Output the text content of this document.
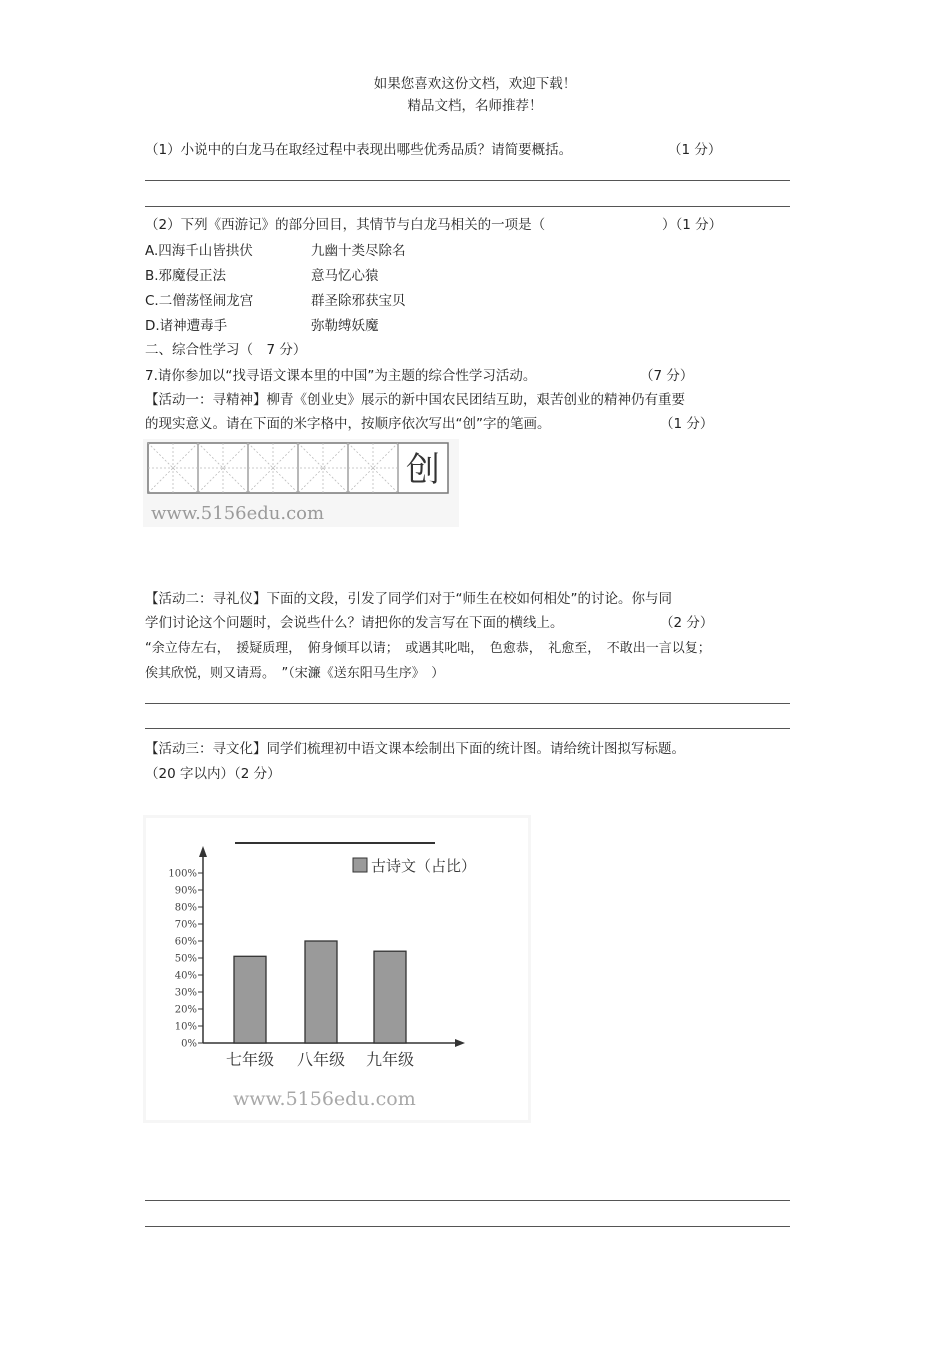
如果您喜欢这份文档，欢迎下载！
精品文档，名师推荐！
（1）小说中的白龙马在取经过程中表现出哪些优秀品质？请简要概括。	（1 分）
（2）下列《西游记》的部分回目，其情节与白龙马相关的一项是（	）（1 分）
A.四海千山皆拱伏	九幽十类尽除名
B.邪魔侵正法	意马忆心猿
C.二僧荡怪闹龙宫	群圣除邪获宝贝
D.诸神遭毒手	弥勒缚妖魔
二、综合性学习（　7 分）
7.请你参加以“找寻语文课本里的中国”为主题的综合性学习活动。	（7 分）
【活动一：寻精神】柳青《创业史》展示的新中国农民团结互助，艰苦创业的精神仍有重要
的现实意义。请在下面的米字格中，按顺序依次写出“创”字的笔画。	（1 分）
创
www.5156edu.com
【活动二：寻礼仪】下面的文段，引发了同学们对于“师生在校如何相处”的讨论。你与同
学们讨论这个问题时，会说些什么？请把你的发言写在下面的横线上。	（2 分）
“余立侍左右，　援疑质理，　俯身倾耳以请；　或遇其叱咄，　色愈恭，　礼愈至，　不敢出一言以复；
俟其欣悦，则又请焉。　”（宋濂《送东阳马生序》　）
【活动三：寻文化】同学们梳理初中语文课本绘制出下面的统计图。请给统计图拟写标题。
（20 字以内）（2 分）
古诗文（占比）
0%
10%
20%
30%
40%
50%
60%
70%
80%
90%
100%
七年级 八年级 九年级
www.5156edu.com
